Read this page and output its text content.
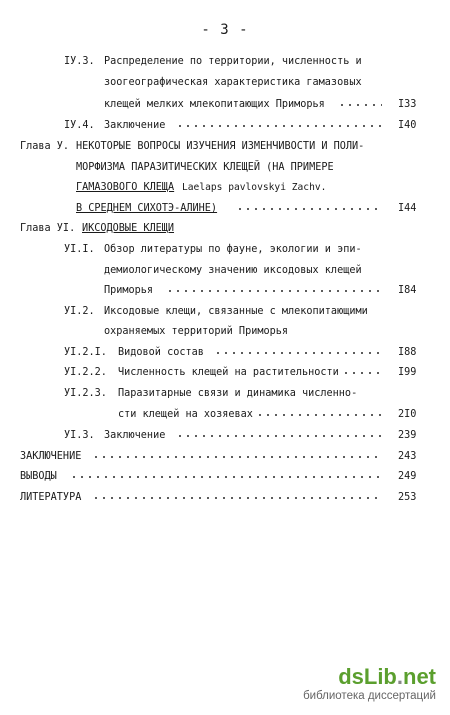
- 3 -
IУ.3. Распределение по территории, численность и
зоогеографическая характеристика гамазовых
клещей мелких млекопитающих Приморья	I33
IУ.4. Заключение	I40
Глава У. НЕКОТОРЫЕ ВОПРОСЫ ИЗУЧЕНИЯ ИЗМЕНЧИВОСТИ И ПОЛИ-
МОРФИЗМА ПАРАЗИТИЧЕСКИХ КЛЕЩЕЙ (НА ПРИМЕРЕ
ГАМАЗОВОГО КЛЕЩА Laelaps pavlovskyi Zachv.
В СРЕДНЕМ СИХОТЭ-АЛИНЕ)	I44
Глава УI. ИКСОДОВЫЕ КЛЕЩИ
УI.I. Обзор литературы по фауне, экологии и эпи-
демиологическому значению иксодовых клещей
Приморья	I84
УI.2. Иксодовые клещи, связанные с млекопитающими
охраняемых территорий Приморья
УI.2.I. Видовой состав	I88
УI.2.2. Численность клещей на растительности	I99
УI.2.3. Паразитарные связи и динамика численно-
сти клещей на хозяевах	2I0
УI.3. Заключение	239
ЗАКЛЮЧЕНИЕ	243
ВЫВОДЫ	249
ЛИТЕРАТУРА	253
dsLib.net
библиотека диссертаций
